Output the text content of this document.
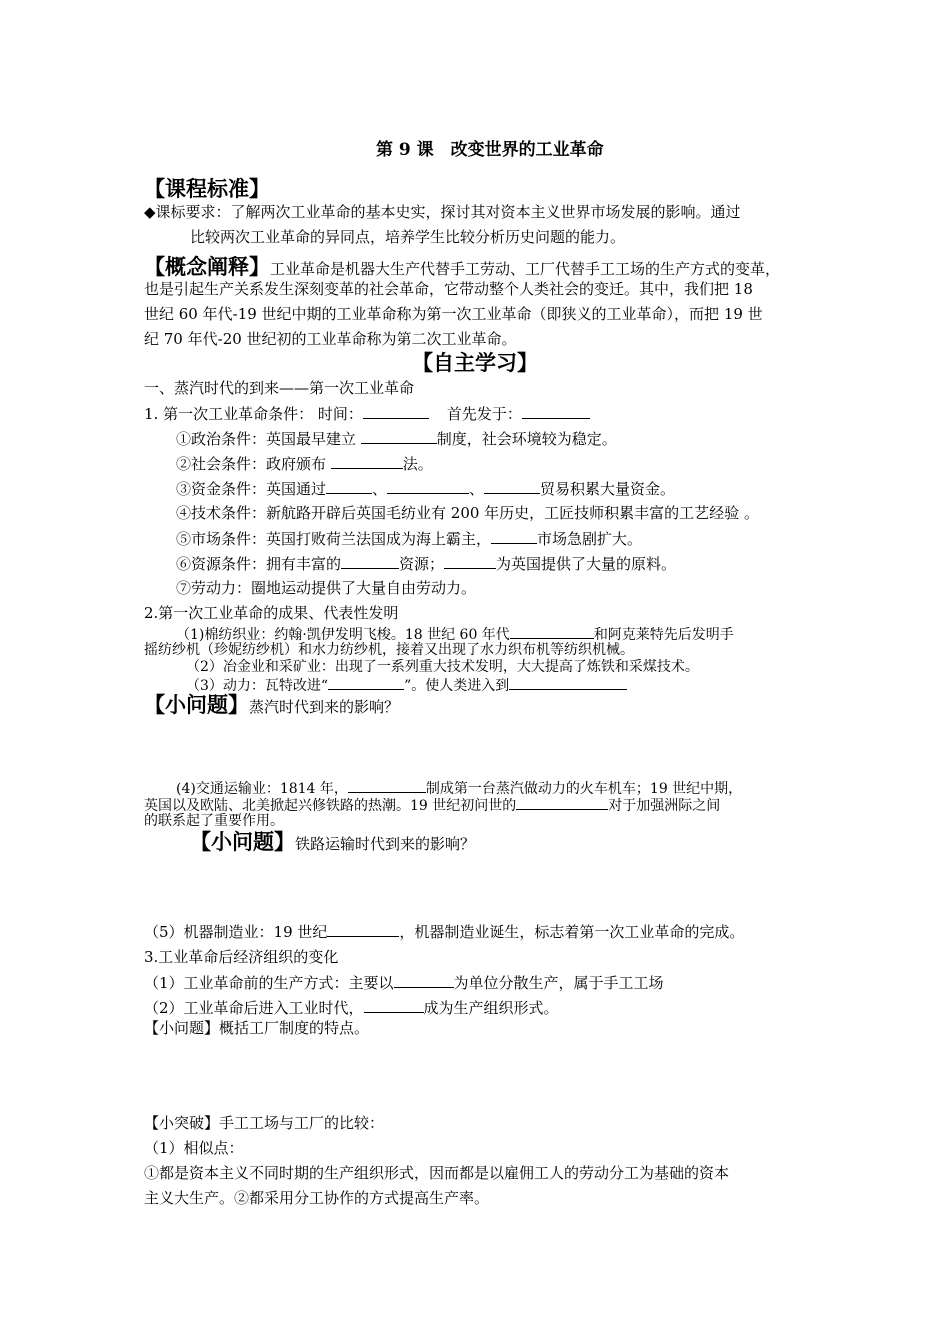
第 9 课　改变世界的工业革命
【课程标准】
◆课标要求：了解两次工业革命的基本史实，探讨其对资本主义世界市场发展的影响。通过
比较两次工业革命的异同点，培养学生比较分析历史问题的能力。
【概念阐释】工业革命是机器大生产代替手工劳动、工厂代替手工工场的生产方式的变革，
也是引起生产关系发生深刻变革的社会革命，它带动整个人类社会的变迁。其中，我们把 18
世纪 60 年代-19 世纪中期的工业革命称为第一次工业革命（即狭义的工业革命），而把 19 世
纪 70 年代-20 世纪初的工业革命称为第二次工业革命。
【自主学习】
一、蒸汽时代的到来——第一次工业革命
1. 第一次工业革命条件： 时间：	首先发于：
①政治条件：英国最早建立	制度，社会环境较为稳定。
②社会条件：政府颁布	法。
③资金条件：英国通过	、	、	贸易积累大量资金。
④技术条件：新航路开辟后英国毛纺业有 200 年历史，工匠技师积累丰富的工艺经验 。
⑤市场条件：英国打败荷兰法国成为海上霸主，	市场急剧扩大。
⑥资源条件：拥有丰富的	资源；	为英国提供了大量的原料。
⑦劳动力：圈地运动提供了大量自由劳动力。
2.第一次工业革命的成果、代表性发明
（1)棉纺织业：约翰·凯伊发明飞梭。18 世纪 60 年代	和阿克莱特先后发明手
摇纺纱机（珍妮纺纱机）和水力纺纱机，接着又出现了水力织布机等纺织机械。
（2）冶金业和采矿业：出现了一系列重大技术发明，大大提高了炼铁和采煤技术。
（3）动力：瓦特改进“	”。使人类进入到
【小问题】蒸汽时代到来的影响？
(4)交通运输业：1814 年，	制成第一台蒸汽做动力的火车机车；19 世纪中期，
英国以及欧陆、北美掀起兴修铁路的热潮。19 世纪初问世的	对于加强洲际之间
的联系起了重要作用。
【小问题】铁路运输时代到来的影响？
（5）机器制造业：19 世纪	，机器制造业诞生，标志着第一次工业革命的完成。
3.工业革命后经济组织的变化
（1）工业革命前的生产方式：主要以	为单位分散生产，属于手工工场
（2）工业革命后进入工业时代，	成为生产组织形式。
【小问题】概括工厂制度的特点。
【小突破】手工工场与工厂的比较：
（1）相似点：
①都是资本主义不同时期的生产组织形式，因而都是以雇佣工人的劳动分工为基础的资本
主义大生产。②都采用分工协作的方式提高生产率。
